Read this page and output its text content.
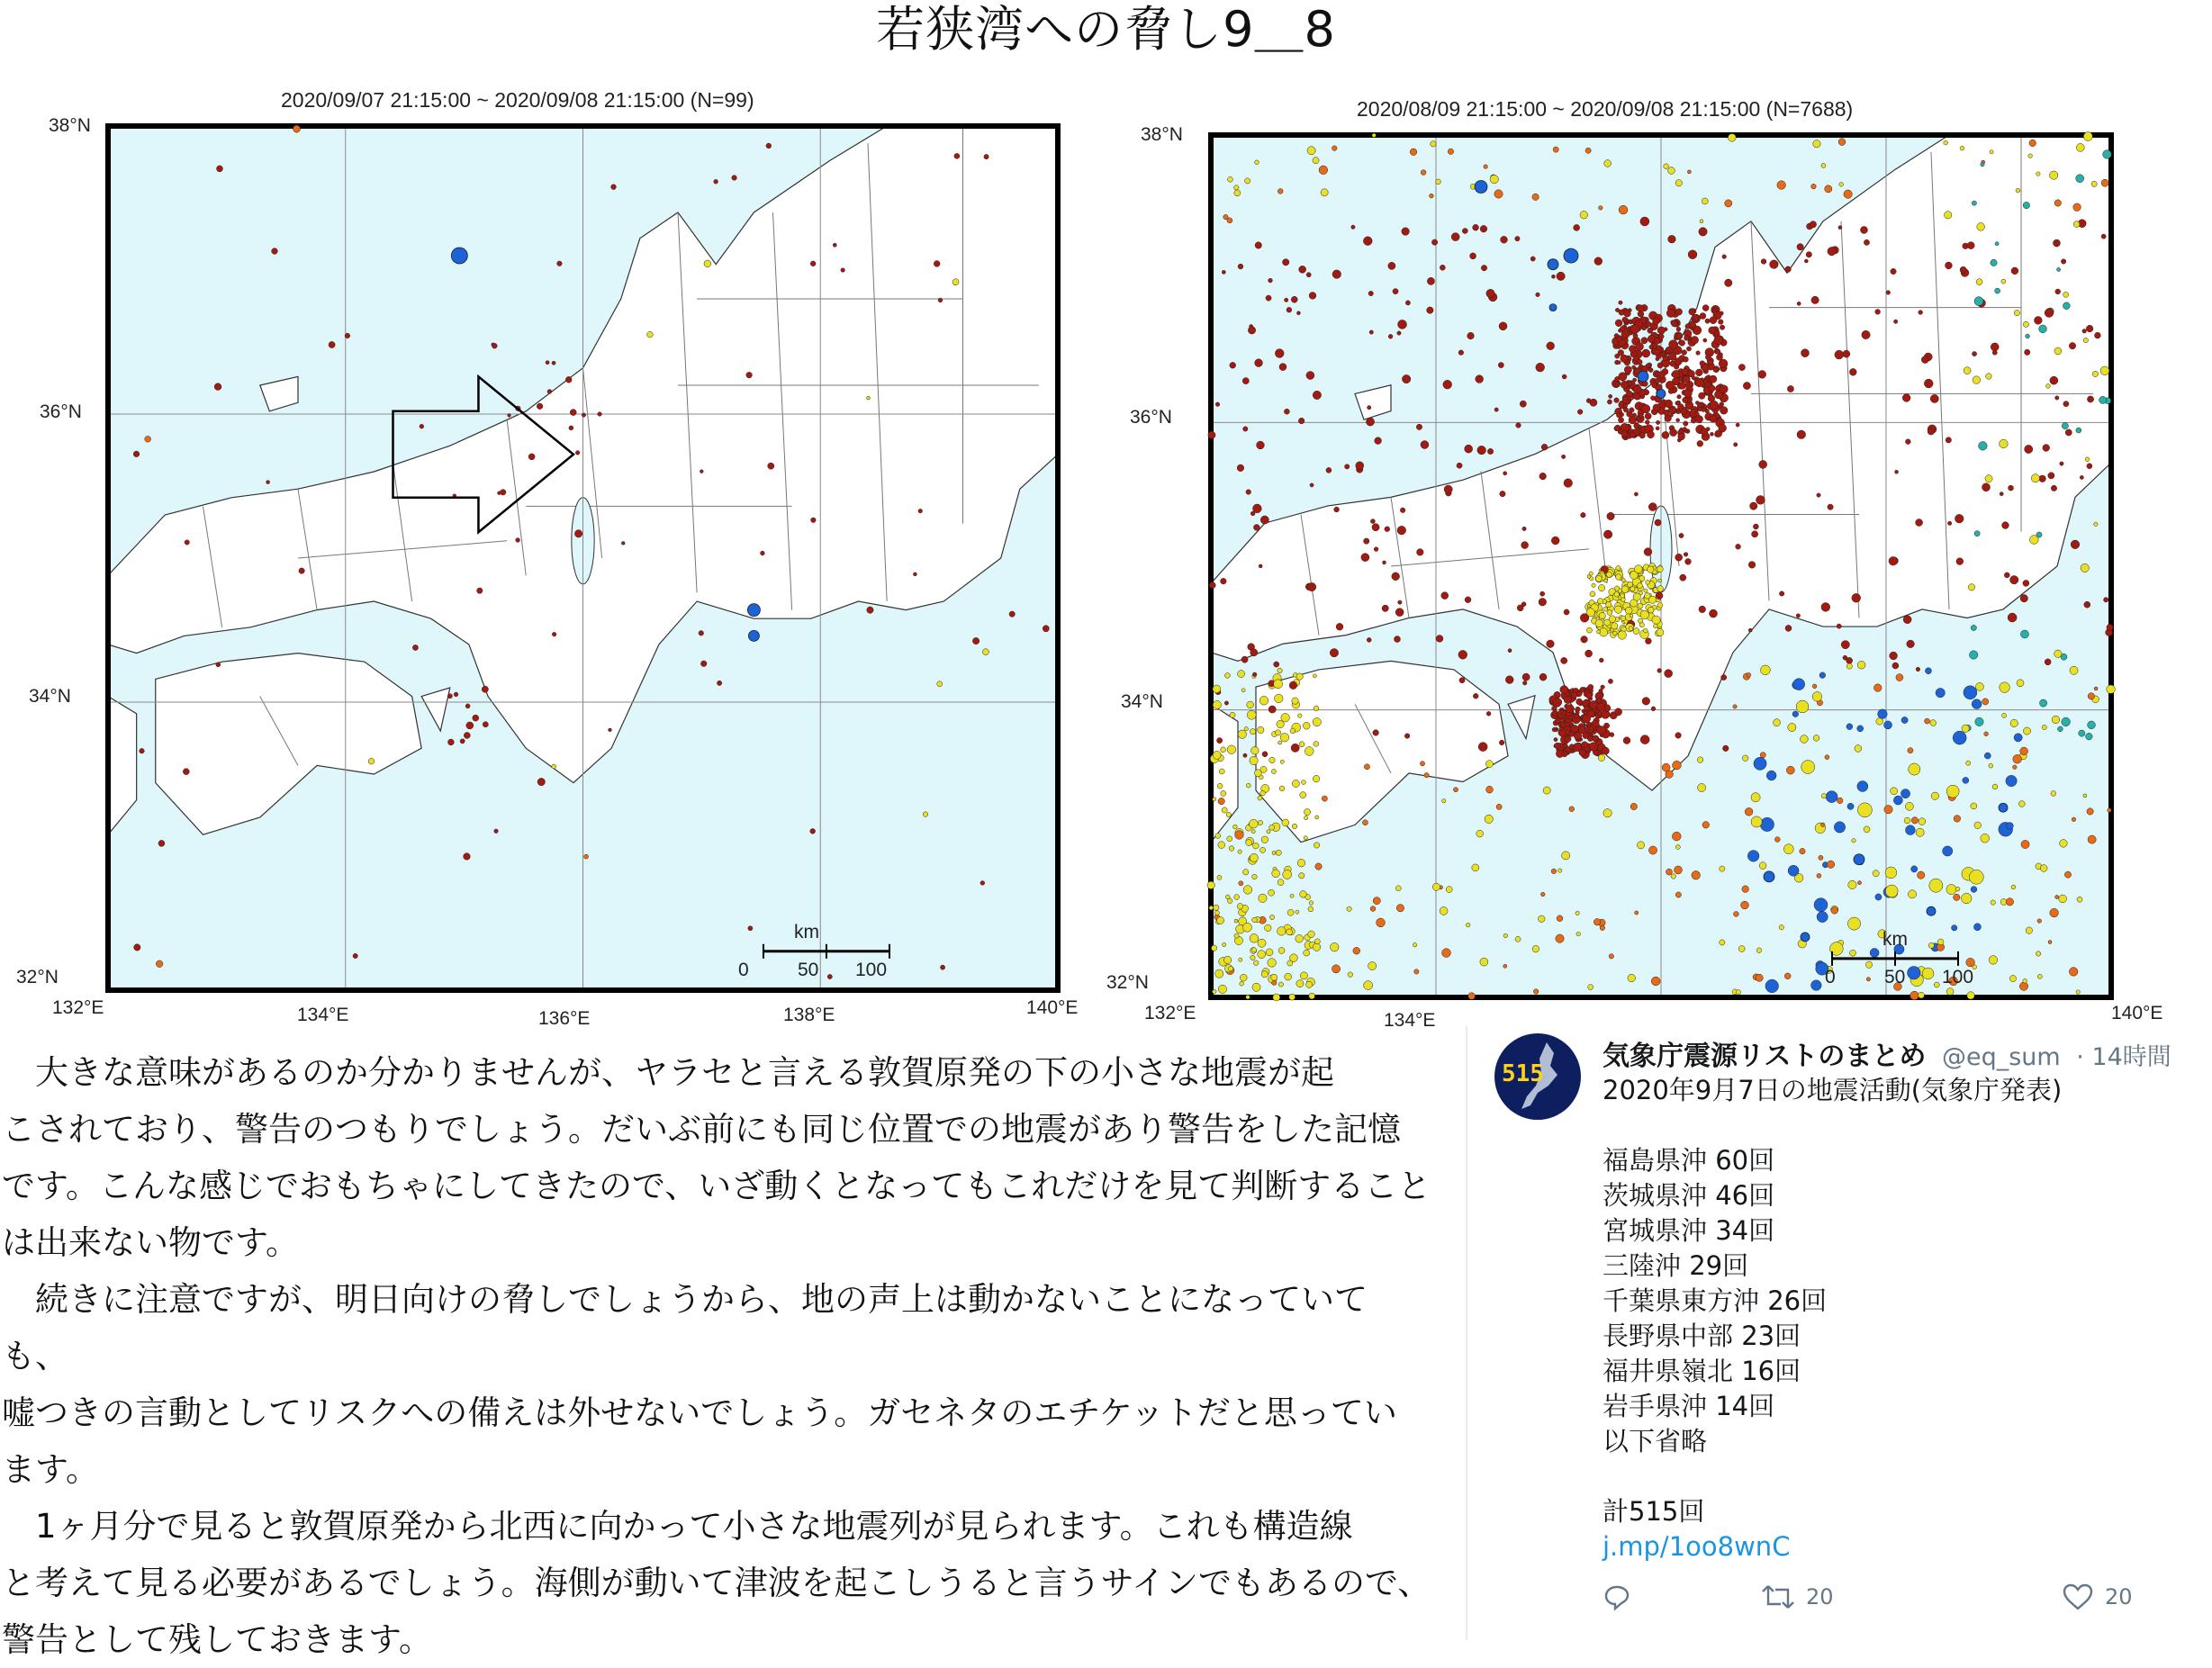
若狭湾への脅し9＿8
2020/09/07 21:15:00 ~ 2020/09/08 21:15:00 (N=99)
38°N
36°N
34°N
32°N
132°E	134°E	136°E	138°E	140°E
km
0	50 100
2020/08/09 21:15:00 ~ 2020/09/08 21:15:00 (N=7688)
38°N
36°N
34°N
32°N
132°E	134°E	140°E
km
0	50 100

　大きな意味があるのか分かりませんが、ヤラセと言える敦賀原発の下の小さな地震が起

こされており、警告のつもりでしょう。だいぶ前にも同じ位置での地震があり警告をした記憶

です。こんな感じでおもちゃにしてきたので、いざ動くとなってもこれだけを見て判断すること

は出来ない物です。

　続きに注意ですが、明日向けの脅しでしょうから、地の声上は動かないことになっていても、

嘘つきの言動としてリスクへの備えは外せないでしょう。ガセネタのエチケットだと思ってい

ます。

　1ヶ月分で見ると敦賀原発から北西に向かって小さな地震列が見られます。これも構造線

と考えて見る必要があるでしょう。海側が動いて津波を起こしうると言うサインでもあるので、

警告として残しておきます。

515
気象庁震源リストのまとめ @eq_sum · 14時間
2020年9月7日の地震活動(気象庁発表)
福島県沖 60回
茨城県沖 46回
宮城県沖 34回
三陸沖 29回
千葉県東方沖 26回
長野県中部 23回
福井県嶺北 16回
岩手県沖 14回
以下省略
計515回
j.mp/1oo8wnC
20	20
